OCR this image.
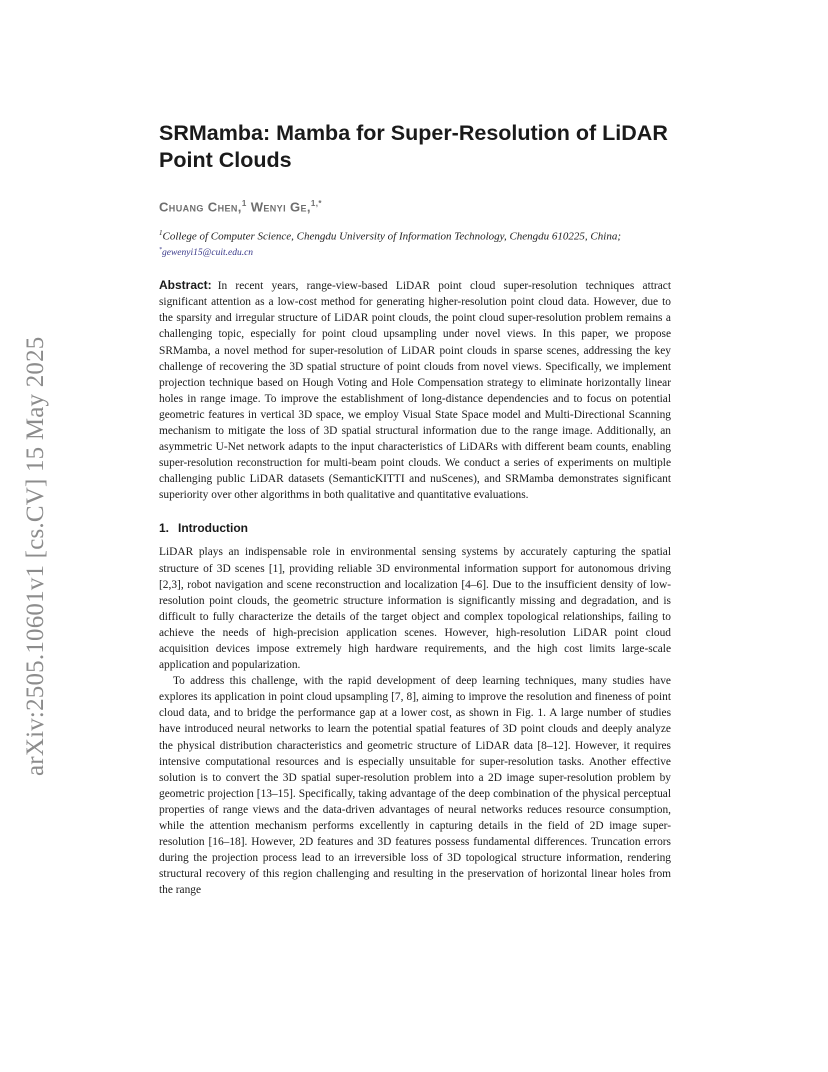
arXiv:2505.10601v1 [cs.CV] 15 May 2025
SRMamba: Mamba for Super-Resolution of LiDAR Point Clouds
Chuang Chen,$^1$ Wenyi Ge,$^{1,*}$
$^1$College of Computer Science, Chengdu University of Information Technology, Chengdu 610225, China;
*gewenyi15@cuit.edu.cn
Abstract: In recent years, range-view-based LiDAR point cloud super-resolution techniques attract significant attention as a low-cost method for generating higher-resolution point cloud data. However, due to the sparsity and irregular structure of LiDAR point clouds, the point cloud super-resolution problem remains a challenging topic, especially for point cloud upsampling under novel views. In this paper, we propose SRMamba, a novel method for super-resolution of LiDAR point clouds in sparse scenes, addressing the key challenge of recovering the 3D spatial structure of point clouds from novel views. Specifically, we implement projection technique based on Hough Voting and Hole Compensation strategy to eliminate horizontally linear holes in range image. To improve the establishment of long-distance dependencies and to focus on potential geometric features in vertical 3D space, we employ Visual State Space model and Multi-Directional Scanning mechanism to mitigate the loss of 3D spatial structural information due to the range image. Additionally, an asymmetric U-Net network adapts to the input characteristics of LiDARs with different beam counts, enabling super-resolution reconstruction for multi-beam point clouds. We conduct a series of experiments on multiple challenging public LiDAR datasets (SemanticKITTI and nuScenes), and SRMamba demonstrates significant superiority over other algorithms in both qualitative and quantitative evaluations.
1. Introduction

LiDAR plays an indispensable role in environmental sensing systems by accurately capturing the spatial structure of 3D scenes [1], providing reliable 3D environmental information support for autonomous driving [2,3], robot navigation and scene reconstruction and localization [4–6]. Due to the insufficient density of low-resolution point clouds, the geometric structure information is significantly missing and degradation, and is difficult to fully characterize the details of the target object and complex topological relationships, failing to achieve the needs of high-precision application scenes. However, high-resolution LiDAR point cloud acquisition devices impose extremely high hardware requirements, and the high cost limits large-scale application and popularization.

To address this challenge, with the rapid development of deep learning techniques, many studies have explores its application in point cloud upsampling [7, 8], aiming to improve the resolution and fineness of point cloud data, and to bridge the performance gap at a lower cost, as shown in Fig. 1. A large number of studies have introduced neural networks to learn the potential spatial features of 3D point clouds and deeply analyze the physical distribution characteristics and geometric structure of LiDAR data [8–12]. However, it requires intensive computational resources and is especially unsuitable for super-resolution tasks. Another effective solution is to convert the 3D spatial super-resolution problem into a 2D image super-resolution problem by geometric projection [13–15]. Specifically, taking advantage of the deep combination of the physical perceptual properties of range views and the data-driven advantages of neural networks reduces resource consumption, while the attention mechanism performs excellently in capturing details in the field of 2D image super-resolution [16–18]. However, 2D features and 3D features possess fundamental differences. Truncation errors during the projection process lead to an irreversible loss of 3D topological structure information, rendering structural recovery of this region challenging and resulting in the preservation of horizontal linear holes from the range
